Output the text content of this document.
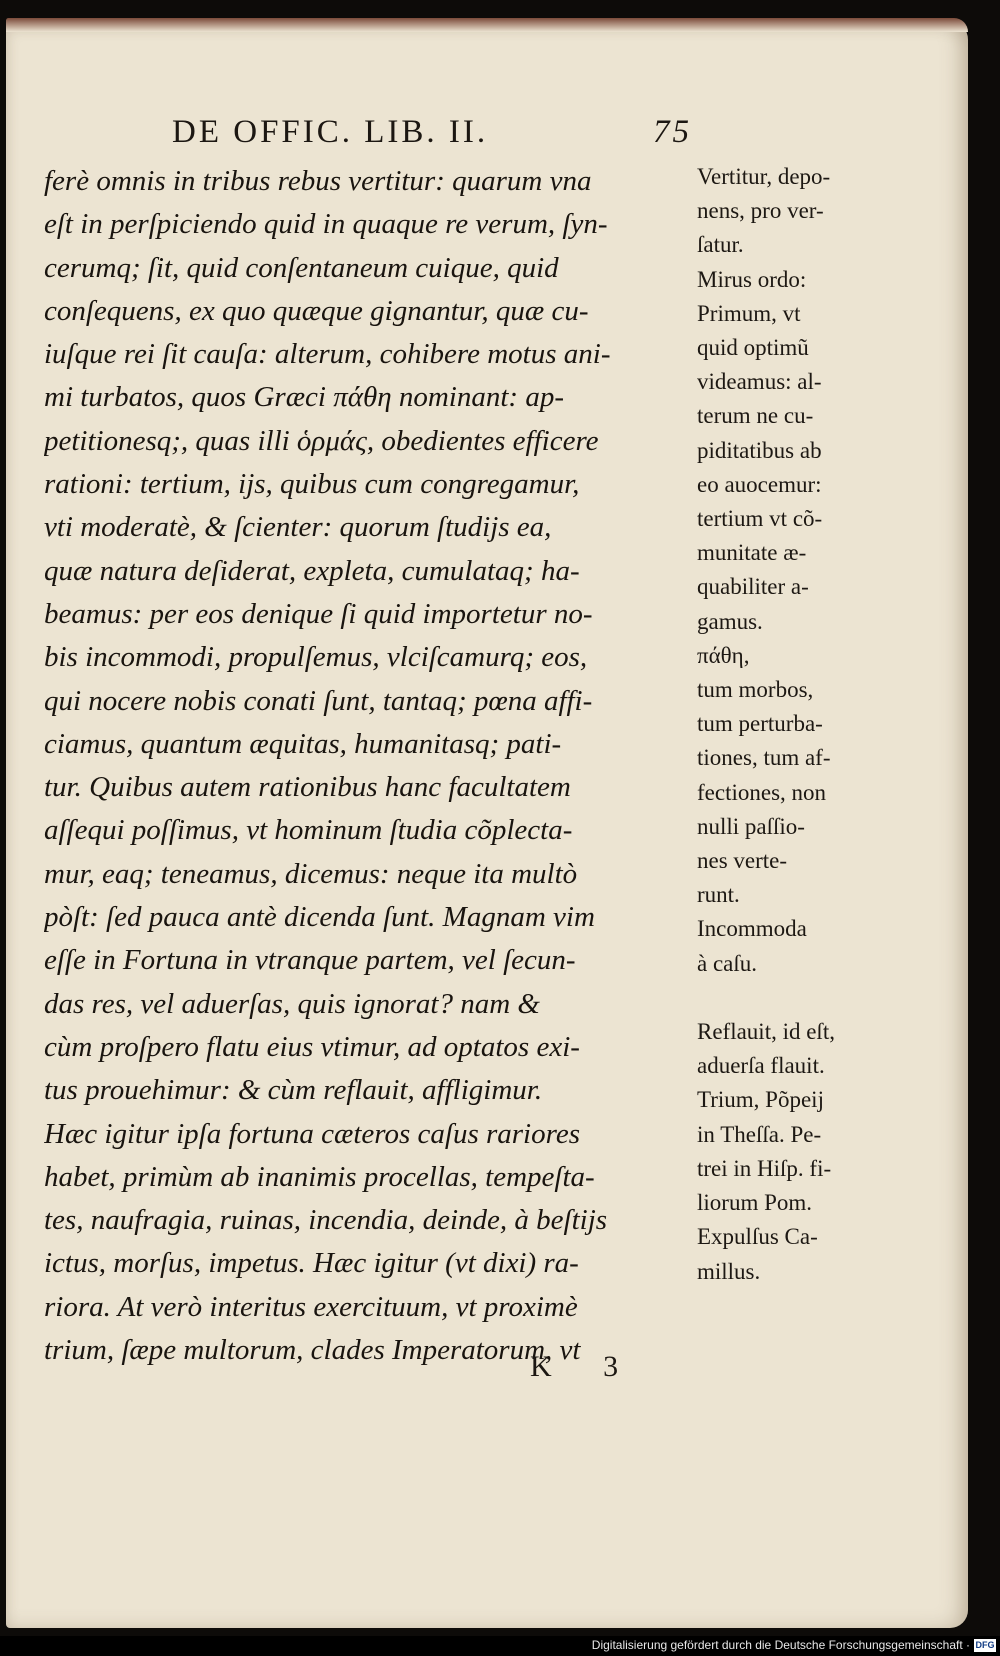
DE OFFIC. LIB. II.	75
ferè omnis in tribus rebus vertitur: quarum vna
eſt in perſpiciendo quid in quaque re verum, ſyn-
cerumq; ſit, quid conſentaneum cuique, quid
conſequens, ex quo quæque gignantur, quæ cu-
iuſque rei ſit cauſa: alterum, cohibere motus ani-
mi turbatos, quos Græci πάθη nominant: ap-
petitionesq;, quas illi ὁρμάς, obedientes efficere
rationi: tertium, ijs, quibus cum congregamur,
vti moderatè, & ſcienter: quorum ſtudijs ea,
quæ natura deſiderat, expleta, cumulataq; ha-
beamus: per eos denique ſi quid importetur no-
bis incommodi, propulſemus, vlciſcamurq; eos,
qui nocere nobis conati ſunt, tantaq; pœna affi-
ciamus, quantum æquitas, humanitasq; pati-
tur. Quibus autem rationibus hanc facultatem
aſſequi poſſimus, vt hominum ſtudia cõplecta-
mur, eaq; teneamus, dicemus: neque ita multò
pòſt: ſed pauca antè dicenda ſunt. Magnam vim
eſſe in Fortuna in vtranque partem, vel ſecun-
das res, vel aduerſas, quis ignorat? nam &
cùm proſpero flatu eius vtimur, ad optatos exi-
tus prouehimur: & cùm reflauit, affligimur.
Hæc igitur ipſa fortuna cæteros caſus rariores
habet, primùm ab inanimis procellas, tempeſta-
tes, naufragia, ruinas, incendia, deinde, à beſtijs
ictus, morſus, impetus. Hæc igitur (vt dixi) ra-
riora. At verò interitus exercituum, vt proximè
trium, ſæpe multorum, clades Imperatorum, vt
Vertitur, depo-
nens, pro ver-
ſatur.
Mirus ordo:
Primum, vt
quid optimũ
videamus: al-
terum ne cu-
piditatibus ab
eo auocemur:
tertium vt cõ-
munitate æ-
quabiliter a-
gamus.
πάθη,
tum morbos,
tum perturba-
tiones, tum af-
fectiones, non
nulli paſſio-
nes verte-
runt.
Incommoda
à caſu.

Reflauit, id eſt,
aduerſa flauit.
Trium, Põpeij
in Theſſa. Pe-
trei in Hiſp. fi-
liorum Pom.
Expulſus Ca-
millus.
K 3
Digitalisierung gefördert durch die Deutsche Forschungsgemeinschaft · DFG
